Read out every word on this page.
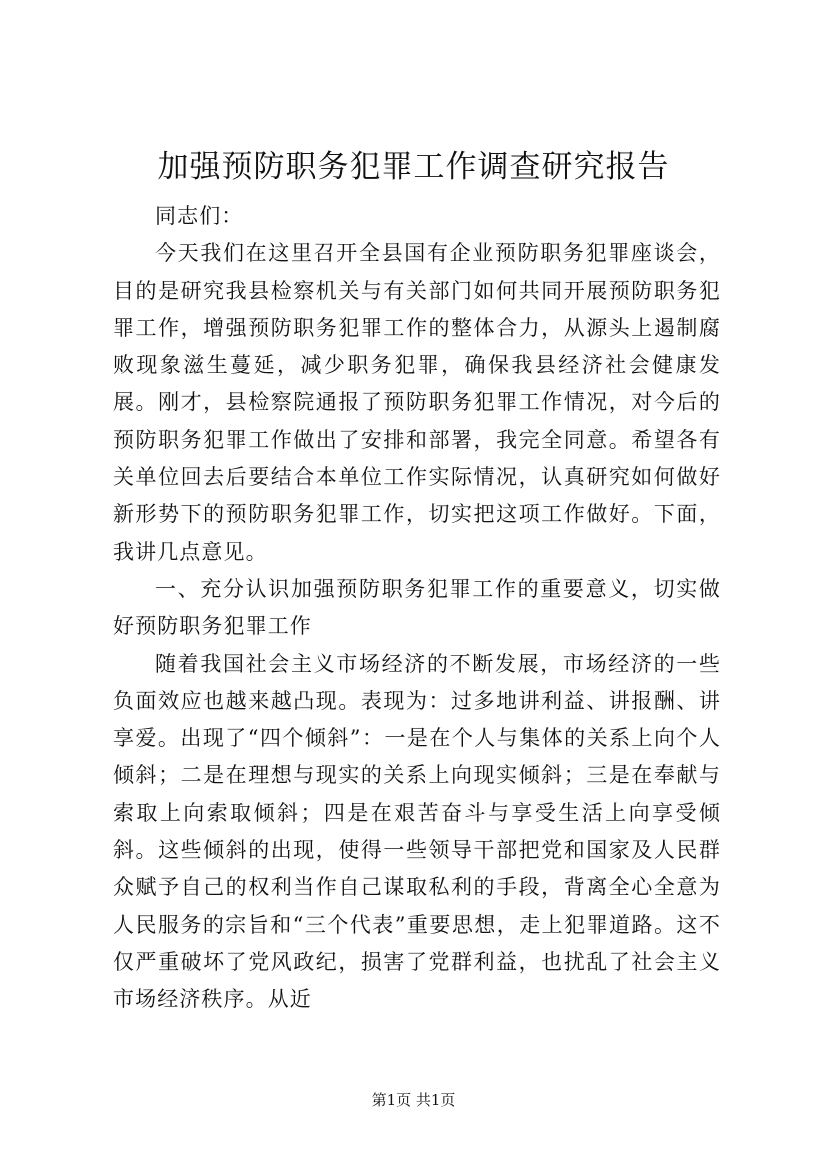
加强预防职务犯罪工作调查研究报告

同志们：

今天我们在这里召开全县国有企业预防职务犯罪座谈会，目的是研究我县检察机关与有关部门如何共同开展预防职务犯罪工作，增强预防职务犯罪工作的整体合力，从源头上遏制腐败现象滋生蔓延，减少职务犯罪，确保我县经济社会健康发展。刚才，县检察院通报了预防职务犯罪工作情况，对今后的预防职务犯罪工作做出了安排和部署，我完全同意。希望各有关单位回去后要结合本单位工作实际情况，认真研究如何做好新形势下的预防职务犯罪工作，切实把这项工作做好。下面，我讲几点意见。

一、充分认识加强预防职务犯罪工作的重要意义，切实做好预防职务犯罪工作

随着我国社会主义市场经济的不断发展，市场经济的一些负面效应也越来越凸现。表现为：过多地讲利益、讲报酬、讲享爱。出现了“四个倾斜”：一是在个人与集体的关系上向个人倾斜；二是在理想与现实的关系上向现实倾斜；三是在奉献与索取上向索取倾斜；四是在艰苦奋斗与享受生活上向享受倾斜。这些倾斜的出现，使得一些领导干部把党和国家及人民群众赋予自己的权利当作自己谋取私利的手段，背离全心全意为人民服务的宗旨和“三个代表”重要思想，走上犯罪道路。这不仅严重破坏了党风政纪，损害了党群利益，也扰乱了社会主义市场经济秩序。从近

第1页 共1页
